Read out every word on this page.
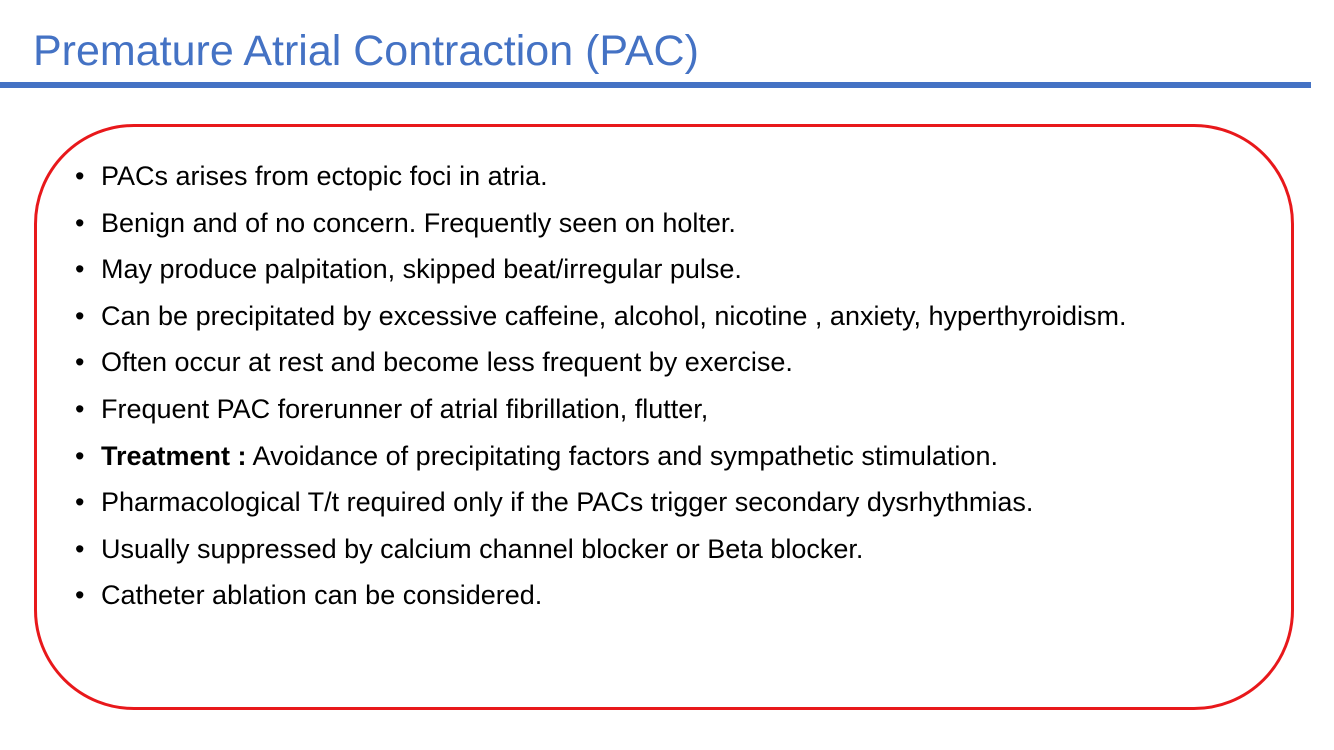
Premature Atrial Contraction (PAC)
• PACs arises from ectopic foci in atria.
• Benign and of no concern. Frequently seen on holter.
• May produce palpitation, skipped beat/irregular pulse.
• Can be precipitated by excessive caffeine, alcohol, nicotine , anxiety, hyperthyroidism.
• Often occur at rest and become less frequent by exercise.
• Frequent PAC forerunner of atrial fibrillation, flutter,
• Treatment : Avoidance of precipitating factors and sympathetic stimulation.
• Pharmacological T/t required only if the PACs trigger secondary dysrhythmias.
• Usually suppressed by calcium channel blocker or Beta blocker.
• Catheter ablation can be considered.
